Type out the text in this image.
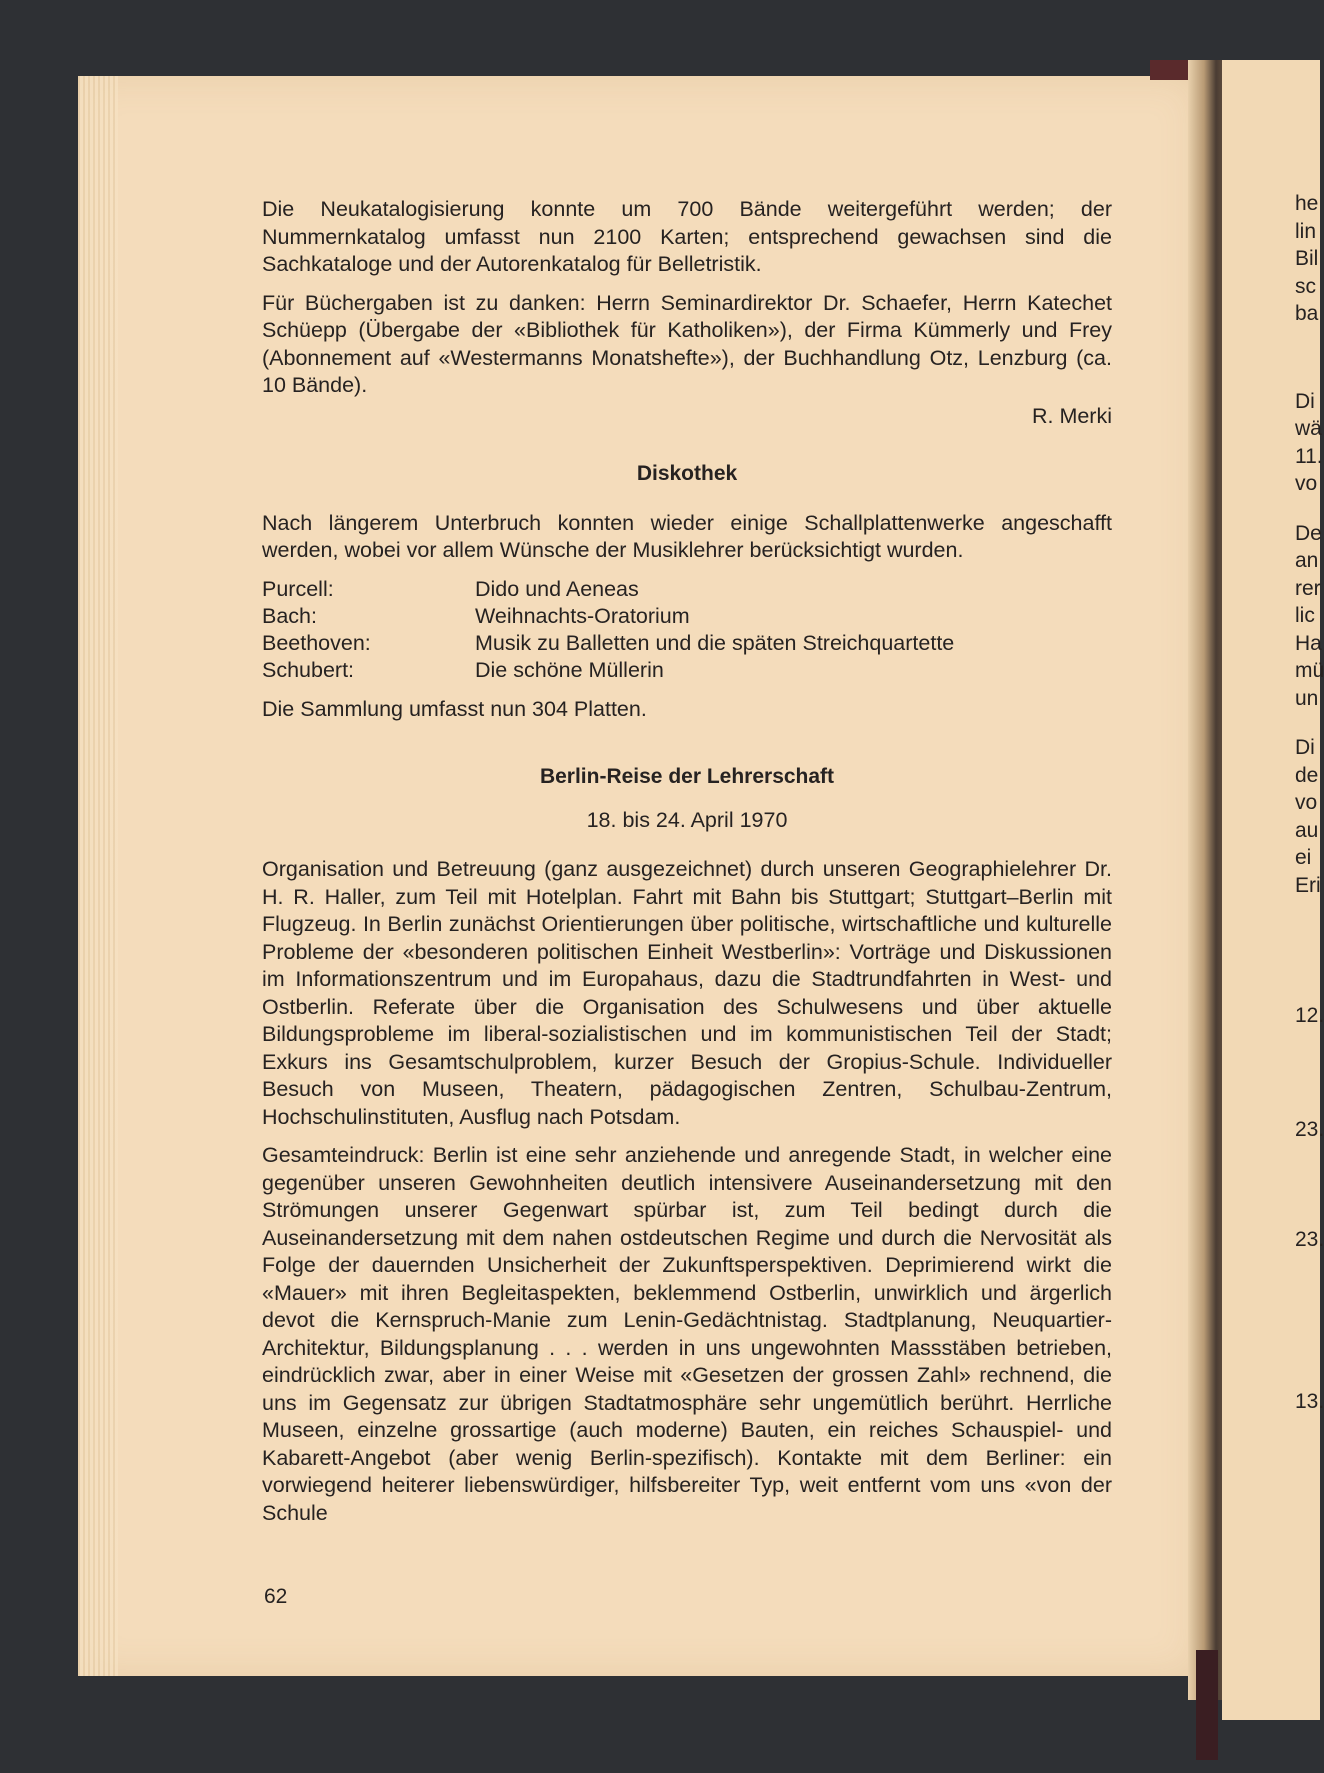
Die Neukatalogisierung konnte um 700 Bände weitergeführt werden; der Nummernkatalog umfasst nun 2100 Karten; entsprechend gewachsen sind die Sachkataloge und der Autorenkatalog für Belletristik.

Für Büchergaben ist zu danken: Herrn Seminardirektor Dr. Schaefer, Herrn Katechet Schüepp (Übergabe der «Bibliothek für Katholiken»), der Firma Kümmerly und Frey (Abonnement auf «Westermanns Monatshefte»), der Buchhandlung Otz, Lenzburg (ca. 10 Bände).

R. Merki
Diskothek

Nach längerem Unterbruch konnten wieder einige Schallplattenwerke angeschafft werden, wobei vor allem Wünsche der Musiklehrer berücksichtigt wurden.

Purcell:	Dido und Aeneas
Bach:	Weihnachts-Oratorium
Beethoven:	Musik zu Balletten und die späten Streichquartette
Schubert:	Die schöne Müllerin

Die Sammlung umfasst nun 304 Platten.

Berlin-Reise der Lehrerschaft
18. bis 24. April 1970

Organisation und Betreuung (ganz ausgezeichnet) durch unseren Geographielehrer Dr. H. R. Haller, zum Teil mit Hotelplan. Fahrt mit Bahn bis Stuttgart; Stuttgart–Berlin mit Flugzeug. In Berlin zunächst Orientierungen über politische, wirtschaftliche und kulturelle Probleme der «besonderen politischen Einheit Westberlin»: Vorträge und Diskussionen im Informationszentrum und im Europahaus, dazu die Stadtrundfahrten in West- und Ostberlin. Referate über die Organisation des Schulwesens und über aktuelle Bildungsprobleme im liberal-sozialistischen und im kommunistischen Teil der Stadt; Exkurs ins Gesamtschulproblem, kurzer Besuch der Gropius-Schule. Individueller Besuch von Museen, Theatern, pädagogischen Zentren, Schulbau-Zentrum, Hochschulinstituten, Ausflug nach Potsdam.

Gesamteindruck: Berlin ist eine sehr anziehende und anregende Stadt, in welcher eine gegenüber unseren Gewohnheiten deutlich intensivere Auseinandersetzung mit den Strömungen unserer Gegenwart spürbar ist, zum Teil bedingt durch die Auseinandersetzung mit dem nahen ostdeutschen Regime und durch die Nervosität als Folge der dauernden Unsicherheit der Zukunftsperspektiven. Deprimierend wirkt die «Mauer» mit ihren Begleitaspekten, beklemmend Ostberlin, unwirklich und ärgerlich devot die Kernspruch-Manie zum Lenin-Gedächtnistag. Stadtplanung, Neuquartier-Architektur, Bildungsplanung . . . werden in uns ungewohnten Massstäben betrieben, eindrücklich zwar, aber in einer Weise mit «Gesetzen der grossen Zahl» rechnend, die uns im Gegensatz zur übrigen Stadtatmosphäre sehr ungemütlich berührt. Herrliche Museen, einzelne grossartige (auch moderne) Bauten, ein reiches Schauspiel- und Kabarett-Angebot (aber wenig Berlin-spezifisch). Kontakte mit dem Berliner: ein vorwiegend heiterer liebenswürdiger, hilfsbereiter Typ, weit entfernt vom uns «von der Schule

62
he
lin
Bil
sc
ba
Di
wä
11.
vo
De
an
rer
lic
Ha
mü
un
Di
de
vo
au
ei
Eri
12.
23.
23.
13.
